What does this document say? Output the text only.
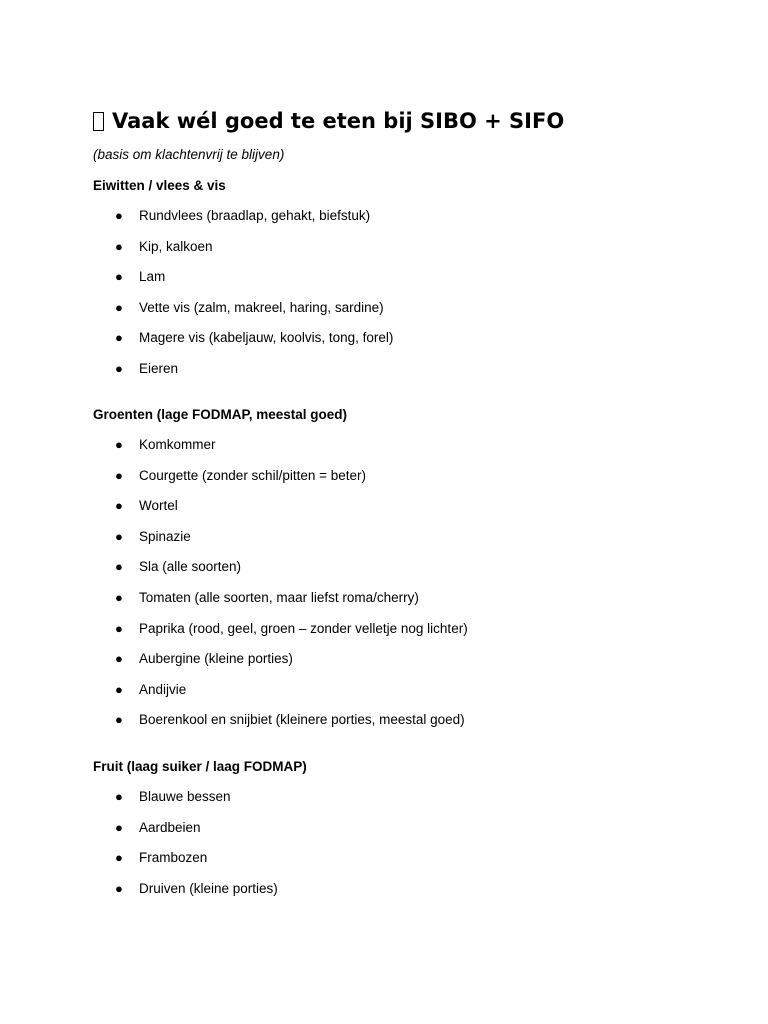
Vaak wél goed te eten bij SIBO + SIFO

(basis om klachtenvrij te blijven)

Eiwitten / vlees & vis

● Rundvlees (braadlap, gehakt, biefstuk)
● Kip, kalkoen
● Lam
● Vette vis (zalm, makreel, haring, sardine)
● Magere vis (kabeljauw, koolvis, tong, forel)
● Eieren

Groenten (lage FODMAP, meestal goed)

● Komkommer
● Courgette (zonder schil/pitten = beter)
● Wortel
● Spinazie
● Sla (alle soorten)
● Tomaten (alle soorten, maar liefst roma/cherry)
● Paprika (rood, geel, groen – zonder velletje nog lichter)
● Aubergine (kleine porties)
● Andijvie
● Boerenkool en snijbiet (kleinere porties, meestal goed)

Fruit (laag suiker / laag FODMAP)

● Blauwe bessen
● Aardbeien
● Frambozen
● Druiven (kleine porties)
